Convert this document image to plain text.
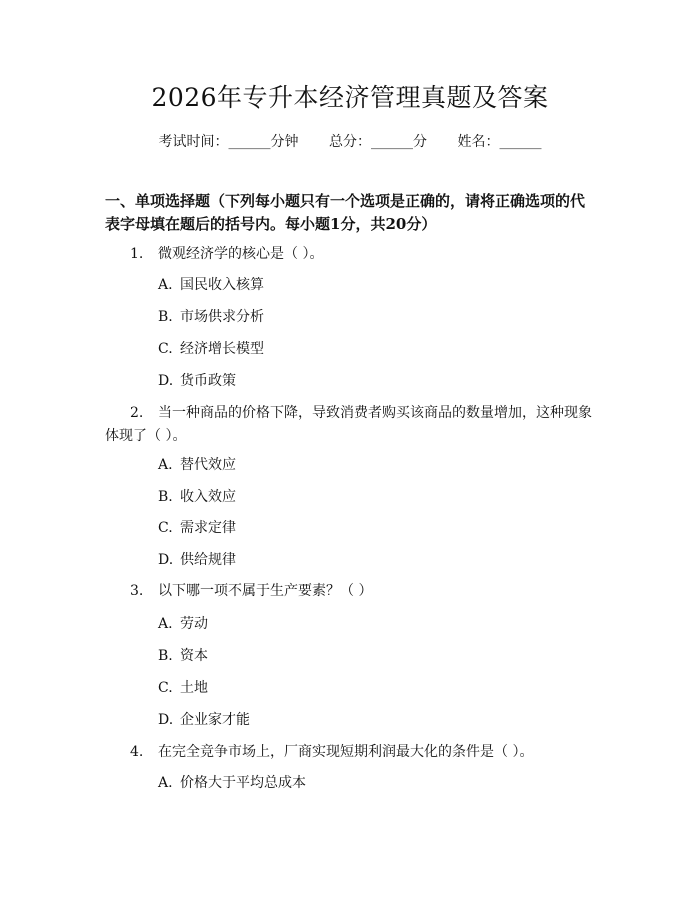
2026年专升本经济管理真题及答案
考试时间：______分钟 总分：______分 姓名：______
一、单项选择题（下列每小题只有一个选项是正确的，请将正确选项的代表字母填在题后的括号内。每小题1分，共20分）
1. 微观经济学的核心是（ ）。
A. 国民收入核算
B. 市场供求分析
C. 经济增长模型
D. 货币政策
2. 当一种商品的价格下降，导致消费者购买该商品的数量增加，这种现象体现了（ ）。
A. 替代效应
B. 收入效应
C. 需求定律
D. 供给规律
3. 以下哪一项不属于生产要素？（ ）
A. 劳动
B. 资本
C. 土地
D. 企业家才能
4. 在完全竞争市场上，厂商实现短期利润最大化的条件是（ ）。
A. 价格大于平均总成本
